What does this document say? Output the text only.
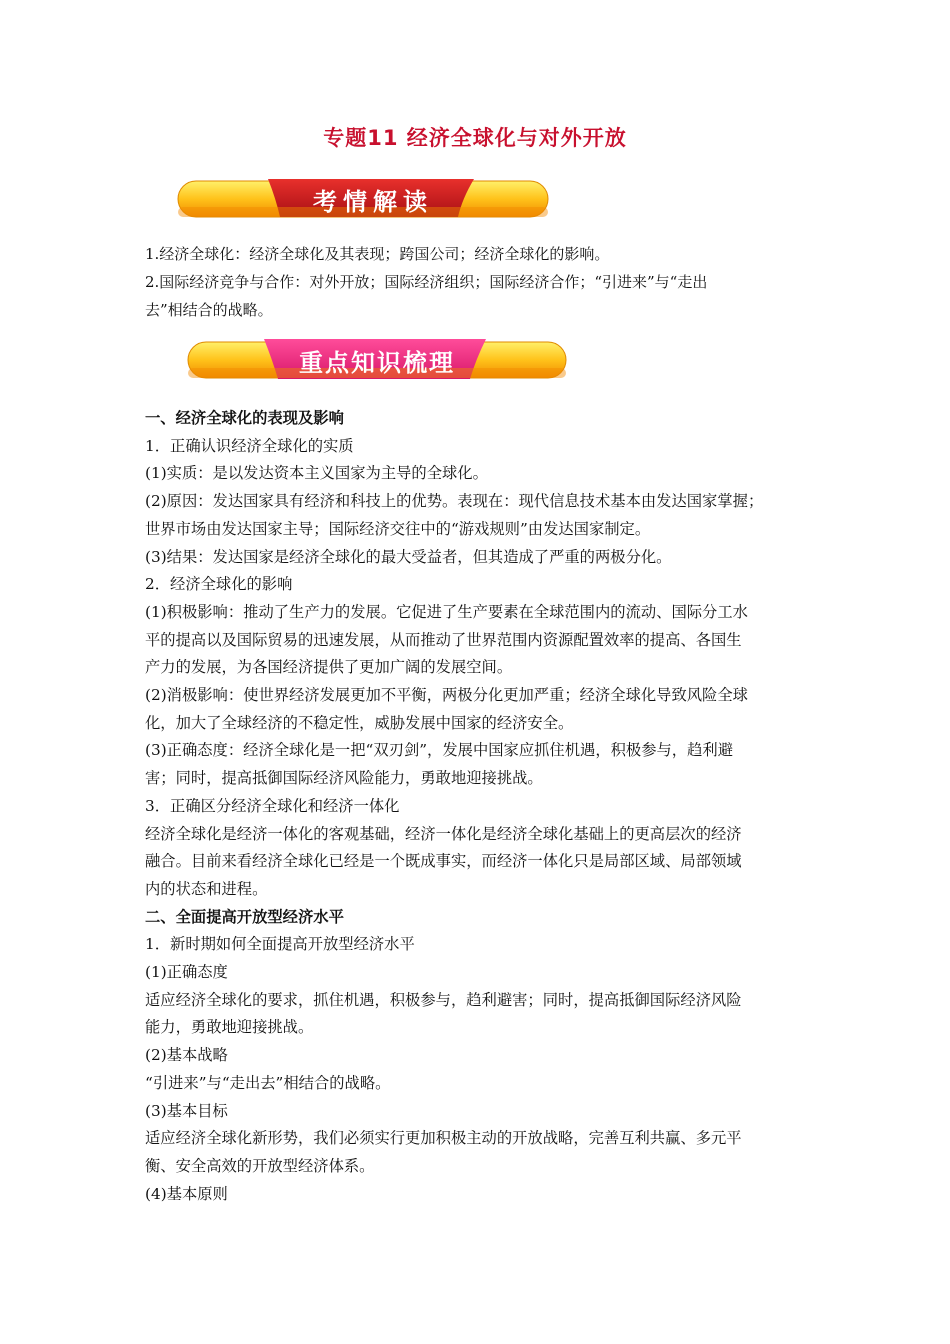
专题11 经济全球化与对外开放
考情解读

1.经济全球化：经济全球化及其表现；跨国公司；经济全球化的影响。

2.国际经济竞争与合作：对外开放；国际经济组织；国际经济合作；“引进来”与“走出

去”相结合的战略。

重点知识梳理

一、经济全球化的表现及影响

1．正确认识经济全球化的实质

(1)实质：是以发达资本主义国家为主导的全球化。

(2)原因：发达国家具有经济和科技上的优势。表现在：现代信息技术基本由发达国家掌握；

世界市场由发达国家主导；国际经济交往中的“游戏规则”由发达国家制定。

(3)结果：发达国家是经济全球化的最大受益者，但其造成了严重的两极分化。

2．经济全球化的影响

(1)积极影响：推动了生产力的发展。它促进了生产要素在全球范围内的流动、国际分工水

平的提高以及国际贸易的迅速发展，从而推动了世界范围内资源配置效率的提高、各国生

产力的发展，为各国经济提供了更加广阔的发展空间。

(2)消极影响：使世界经济发展更加不平衡，两极分化更加严重；经济全球化导致风险全球

化，加大了全球经济的不稳定性，威胁发展中国家的经济安全。

(3)正确态度：经济全球化是一把“双刃剑”，发展中国家应抓住机遇，积极参与，趋利避

害；同时，提高抵御国际经济风险能力，勇敢地迎接挑战。

3．正确区分经济全球化和经济一体化

经济全球化是经济一体化的客观基础，经济一体化是经济全球化基础上的更高层次的经济

融合。目前来看经济全球化已经是一个既成事实，而经济一体化只是局部区域、局部领域

内的状态和进程。

二、全面提高开放型经济水平

1．新时期如何全面提高开放型经济水平

(1)正确态度

适应经济全球化的要求，抓住机遇，积极参与，趋利避害；同时，提高抵御国际经济风险

能力，勇敢地迎接挑战。

(2)基本战略

“引进来”与“走出去”相结合的战略。

(3)基本目标

适应经济全球化新形势，我们必须实行更加积极主动的开放战略，完善互利共赢、多元平

衡、安全高效的开放型经济体系。

(4)基本原则
